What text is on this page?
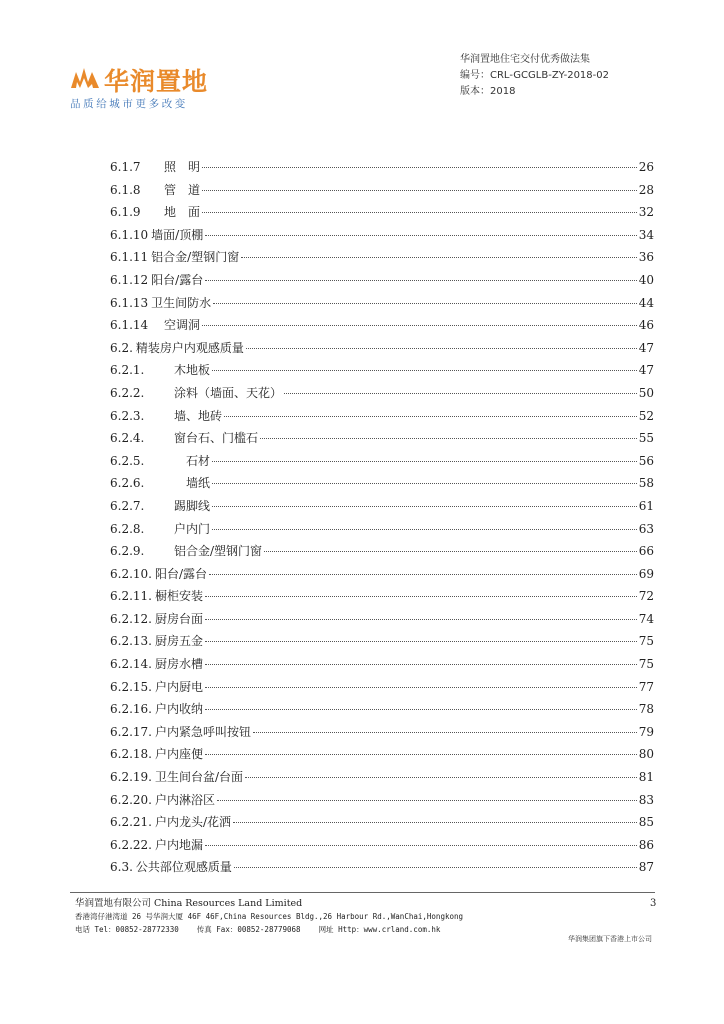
华润置地
品质给城市更多改变
华润置地住宅交付优秀做法集
编号：CRL-GCGLB-ZY-2018-02
版本：2018
6.1.7	照　明	26
6.1.8	管　道	28
6.1.9	地　面	32
6.1.10 墙面/顶棚	34
6.1.11 铝合金/塑钢门窗	36
6.1.12 阳台/露台	40
6.1.13 卫生间防水	44
6.1.14	空调洞	46
6.2. 精装房户内观感质量	47
6.2.1.	木地板	47
6.2.2.	涂料（墙面、天花）	50
6.2.3.	墙、地砖	52
6.2.4.	窗台石、门槛石	55
6.2.5.	石材	56
6.2.6.	墙纸	58
6.2.7.	踢脚线	61
6.2.8.	户内门	63
6.2.9.	铝合金/塑钢门窗	66
6.2.10. 阳台/露台	69
6.2.11. 橱柜安装	72
6.2.12. 厨房台面	74
6.2.13. 厨房五金	75
6.2.14. 厨房水槽	75
6.2.15. 户内厨电	77
6.2.16. 户内收纳	78
6.2.17. 户内紧急呼叫按钮	79
6.2.18. 户内座便	80
6.2.19. 卫生间台盆/台面	81
6.2.20. 户内淋浴区	83
6.2.21. 户内龙头/花洒	85
6.2.22. 户内地漏	86
6.3. 公共部位观感质量	87
华润置地有限公司 China Resources Land Limited
香港湾仔港湾道 26 号华润大厦 46F 46F,China Resources Bldg.,26 Harbour Rd.,WanChai,Hongkong
电话 Tel：00852-28772330 传真 Fax：00852-28779068 网址 Http：www.crland.com.hk
3
华润集团旗下香港上市公司
